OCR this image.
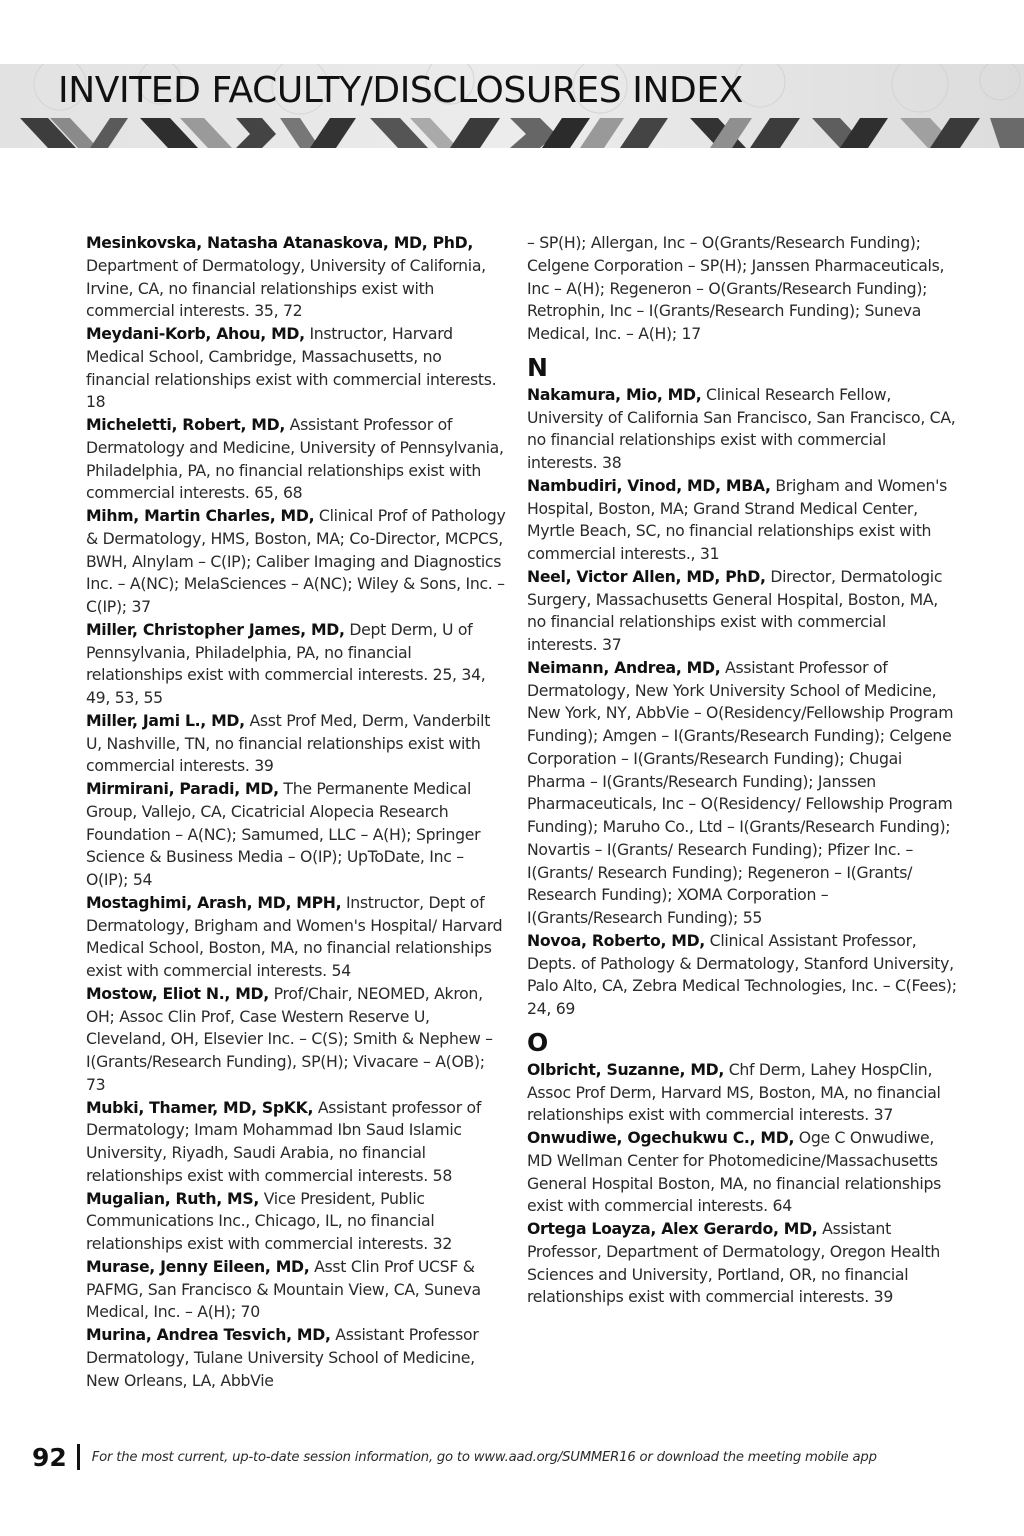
INVITED FACULTY/DISCLOSURES INDEX

Mesinkovska, Natasha Atanaskova, MD, PhD, Department of Dermatology, University of California, Irvine, CA, no financial relationships exist with commercial interests. 35, 72

Meydani-Korb, Ahou, MD, Instructor, Harvard Medical School, Cambridge, Massachusetts, no financial relationships exist with commercial interests. 18

Micheletti, Robert, MD, Assistant Professor of Dermatology and Medicine, University of Pennsylvania, Philadelphia, PA, no financial relationships exist with commercial interests. 65, 68

Mihm, Martin Charles, MD, Clinical Prof of Pathology & Dermatology, HMS, Boston, MA; Co-Director, MCPCS, BWH, Alnylam – C(IP); Caliber Imaging and Diagnostics Inc. – A(NC); MelaSciences – A(NC); Wiley & Sons, Inc. – C(IP); 37

Miller, Christopher James, MD, Dept Derm, U of Pennsylvania, Philadelphia, PA, no financial relationships exist with commercial interests. 25, 34, 49, 53, 55

Miller, Jami L., MD, Asst Prof Med, Derm, Vanderbilt U, Nashville, TN, no financial relationships exist with commercial interests. 39

Mirmirani, Paradi, MD, The Permanente Medical Group, Vallejo, CA, Cicatricial Alopecia Research Foundation – A(NC); Samumed, LLC – A(H); Springer Science & Business Media – O(IP); UpToDate, Inc – O(IP); 54

Mostaghimi, Arash, MD, MPH, Instructor, Dept of Dermatology, Brigham and Women's Hospital/ Harvard Medical School, Boston, MA, no financial relationships exist with commercial interests. 54

Mostow, Eliot N., MD, Prof/Chair, NEOMED, Akron, OH; Assoc Clin Prof, Case Western Reserve U, Cleveland, OH, Elsevier Inc. – C(S); Smith & Nephew – I(Grants/Research Funding), SP(H); Vivacare – A(OB); 73

Mubki, Thamer, MD, SpKK, Assistant professor of Dermatology; Imam Mohammad Ibn Saud Islamic University, Riyadh, Saudi Arabia, no financial relationships exist with commercial interests. 58

Mugalian, Ruth, MS, Vice President, Public Communications Inc., Chicago, IL, no financial relationships exist with commercial interests. 32

Murase, Jenny Eileen, MD, Asst Clin Prof UCSF & PAFMG, San Francisco & Mountain View, CA, Suneva Medical, Inc. – A(H); 70

Murina, Andrea Tesvich, MD, Assistant Professor Dermatology, Tulane University School of Medicine, New Orleans, LA, AbbVie

– SP(H); Allergan, Inc – O(Grants/Research Funding); Celgene Corporation – SP(H); Janssen Pharmaceuticals, Inc – A(H); Regeneron – O(Grants/Research Funding); Retrophin, Inc – I(Grants/Research Funding); Suneva Medical, Inc. – A(H); 17

N

Nakamura, Mio, MD, Clinical Research Fellow, University of California San Francisco, San Francisco, CA, no financial relationships exist with commercial interests. 38

Nambudiri, Vinod, MD, MBA, Brigham and Women's Hospital, Boston, MA; Grand Strand Medical Center, Myrtle Beach, SC, no financial relationships exist with commercial interests., 31

Neel, Victor Allen, MD, PhD, Director, Dermatologic Surgery, Massachusetts General Hospital, Boston, MA, no financial relationships exist with commercial interests. 37

Neimann, Andrea, MD, Assistant Professor of Dermatology, New York University School of Medicine, New York, NY, AbbVie – O(Residency/Fellowship Program Funding); Amgen – I(Grants/Research Funding); Celgene Corporation – I(Grants/Research Funding); Chugai Pharma – I(Grants/Research Funding); Janssen Pharmaceuticals, Inc – O(Residency/ Fellowship Program Funding); Maruho Co., Ltd – I(Grants/Research Funding); Novartis – I(Grants/ Research Funding); Pfizer Inc. – I(Grants/ Research Funding); Regeneron – I(Grants/ Research Funding); XOMA Corporation – I(Grants/Research Funding); 55

Novoa, Roberto, MD, Clinical Assistant Professor, Depts. of Pathology & Dermatology, Stanford University, Palo Alto, CA, Zebra Medical Technologies, Inc. – C(Fees); 24, 69

O

Olbricht, Suzanne, MD, Chf Derm, Lahey HospClin, Assoc Prof Derm, Harvard MS, Boston, MA, no financial relationships exist with commercial interests. 37

Onwudiwe, Ogechukwu C., MD, Oge C Onwudiwe, MD Wellman Center for Photomedicine/Massachusetts General Hospital Boston, MA, no financial relationships exist with commercial interests. 64

Ortega Loayza, Alex Gerardo, MD, Assistant Professor, Department of Dermatology, Oregon Health Sciences and University, Portland, OR, no financial relationships exist with commercial interests. 39

92 For the most current, up-to-date session information, go to www.aad.org/SUMMER16 or download the meeting mobile app
